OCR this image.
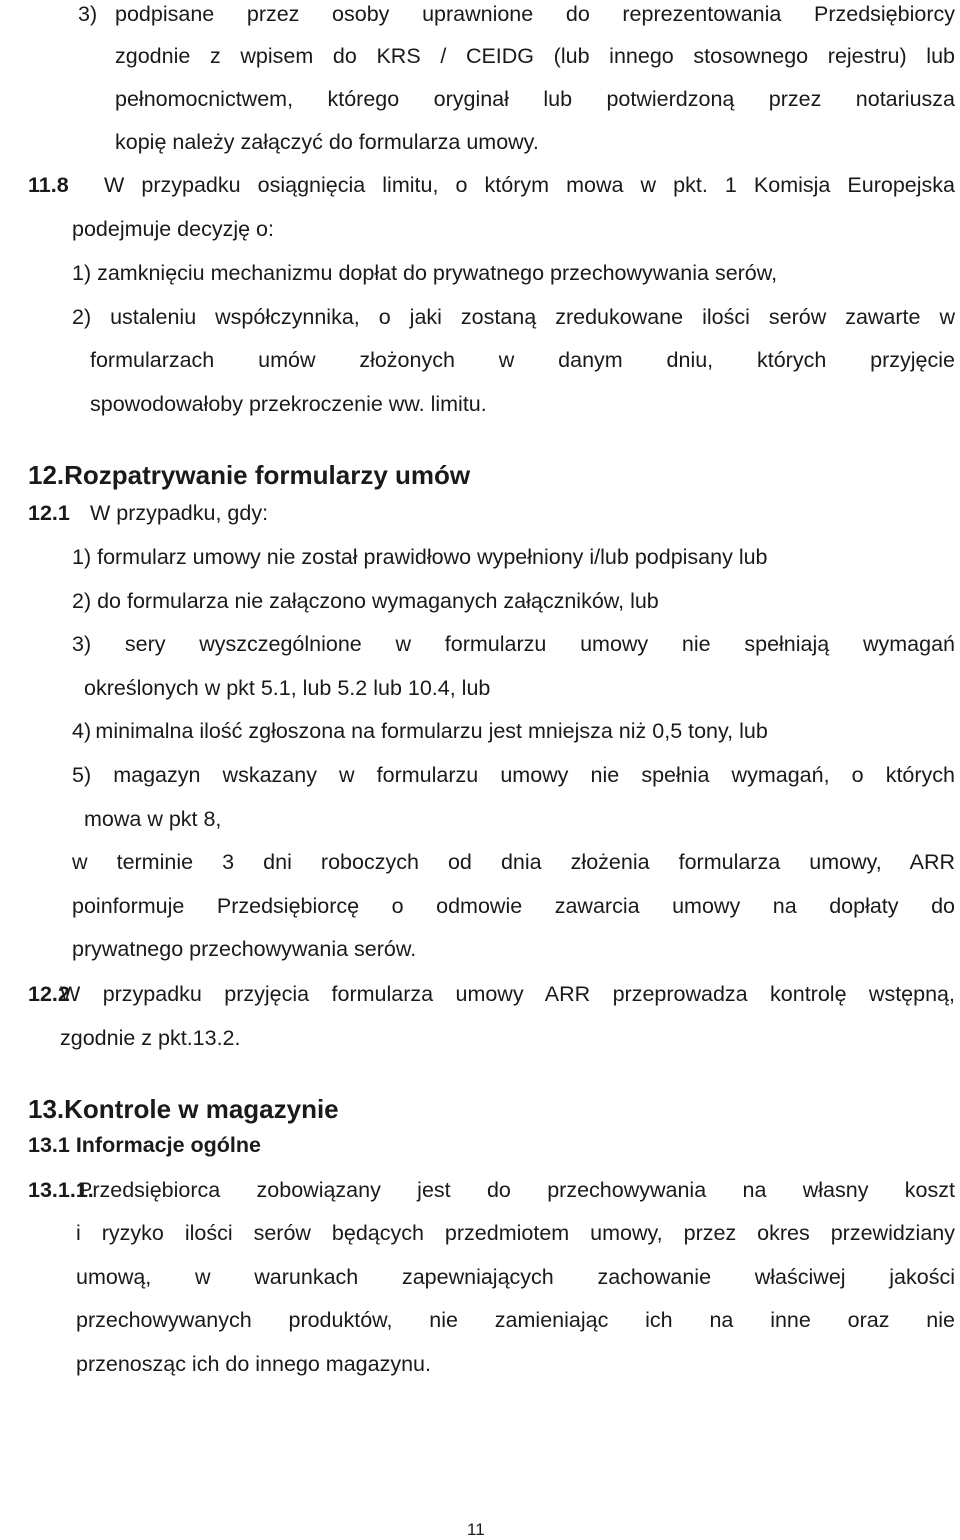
3) podpisane przez osoby uprawnione do reprezentowania Przedsiębiorcy
zgodnie z wpisem do KRS / CEIDG (lub innego stosownego rejestru) lub
pełnomocnictwem, którego oryginał lub potwierdzoną przez notariusza
kopię należy załączyć do formularza umowy.
11.8 W przypadku osiągnięcia limitu, o którym mowa w pkt. 1 Komisja Europejska
podejmuje decyzję o:
1) zamknięciu mechanizmu dopłat do prywatnego przechowywania serów,
2) ustaleniu współczynnika, o jaki zostaną zredukowane ilości serów zawarte w
formularzach umów złożonych w danym dniu, których przyjęcie
spowodowałoby przekroczenie ww. limitu.
12.Rozpatrywanie formularzy umów
12.1 W przypadku, gdy:
1) formularz umowy nie został prawidłowo wypełniony i/lub podpisany lub
2) do formularza nie załączono wymaganych załączników, lub
3) sery wyszczególnione w formularzu umowy nie spełniają wymagań
określonych w pkt 5.1, lub 5.2 lub 10.4, lub
4) minimalna ilość zgłoszona na formularzu jest mniejsza niż 0,5 tony, lub
5) magazyn wskazany w formularzu umowy nie spełnia wymagań, o których
mowa w pkt 8,
w terminie 3 dni roboczych od dnia złożenia formularza umowy, ARR
poinformuje Przedsiębiorcę o odmowie zawarcia umowy na dopłaty do
prywatnego przechowywania serów.
12.2
W przypadku przyjęcia formularza umowy ARR przeprowadza kontrolę wstępną,
zgodnie z pkt.13.2.
13.Kontrole w magazynie
13.1 Informacje ogólne
13.1.1.
Przedsiębiorca zobowiązany jest do przechowywania na własny koszt
i ryzyko ilości serów będących przedmiotem umowy, przez okres przewidziany
umową, w warunkach zapewniających zachowanie właściwej jakości
przechowywanych produktów, nie zamieniając ich na inne oraz nie
przenosząc ich do innego magazynu.
11
